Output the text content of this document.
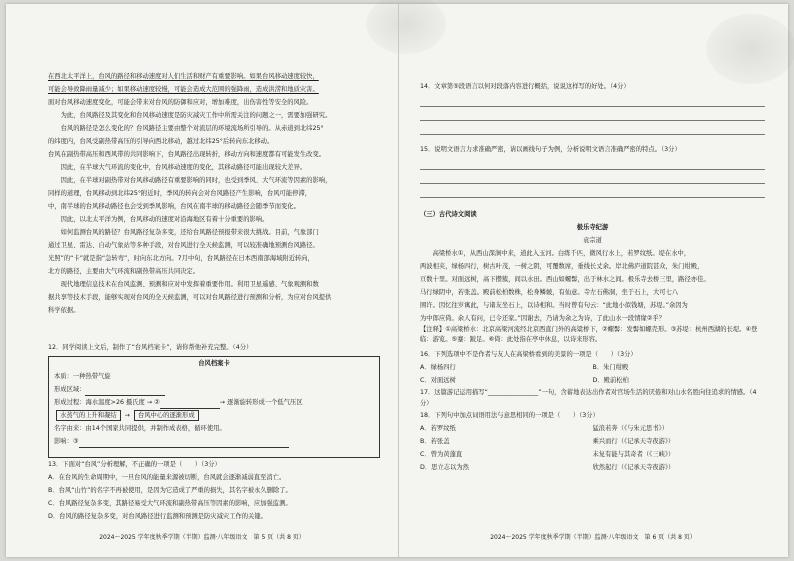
在西北太平洋上，台风的路径和移动速度对人们生活和财产有重要影响。如果台风移动速度较快，
可能会导致降雨量减少；如果移动速度较慢，可能会造成大范围的强降雨，造成洪涝和地质灾害。
面对台风移动速度变化，可能会带来对台风的防御和应对，增加难度，出伤害性等安全的风险。
　　为此，台风路径及其变化和台风移动速度是防灾减灾工作中所需关注的问题之一，需要加强研究。
　　台风的路径是怎么变化的？台风路径主要由整个对流层的环境流场所引导的。从赤道到北纬25°
的纬度内，台风受副热带高压的引导向西北移动，越过北纬25°后转向东北移动。
台风在副热带高压和西风带的共同影响下，台风路径出现转折，移动方向和速度都有可能发生改变。
　　因此，在半球大气环流的变化中，台风移动速度的变化，其移动路径可能出现较大差异。
　　因此，在半球对副热带对台风移动路径有重要影响的同时，也受到季风、大气环流等因素的影响，
同样的道理，台风移动到北纬25°附近时，季风的转向会对台风路径产生影响，台风可能停滞，
中，南半球的台风移动路径也会受到季风影响，台风在南半球的移动路径会随季节而变化。
　　因此，以北太平洋为例，台风移动的速度对沿海地区有着十分重要的影响。
　　如何监测台风的路径？台风路径复杂多变，还给台风路径预报带来很大挑战。目前，气象部门
通过卫星、雷达、自动气象站等多种手段，对台风进行全天候监测，可以较准确地预测台风路径。
光照”的“卡”就是指“急转弯”，时向东北方向。7月中旬，台风路径在日本西南部海域附近转向，
北方的路径，主要由大气环流和副热带高压共同决定。
　　现代地理信息技术在台风监测、预测和应对中发挥着重要作用。利用卫星遥感、气象观测和数
据共享等技术手段，能够实现对台风的全天候监测，可以对台风路径进行预测和分析，为应对台风提供
科学依据。
台风档案卡
本质：一种热带气旋
形成区域：
形成过程：海水温度>26 摄氏度 → ②	→ 逐渐旋转形成一个低气压区
水蒸气的上升和凝结 → 台风中心的逐渐形成
名字由来：由14个国家共同提供，并制作成表格，循环使用。
影响：③
12．同学阅读上文后，制作了“台风档案卡”，请你帮他补充完整。（4分）
13．下面对“台风”分析理解，不正确的一项是（　　）（3分）
A．在台风的生命周期中，一旦台风的能量来源被切断，台风就会逐渐减弱直至消亡。
B．台风“山竹”的名字不再被使用，是因为它造成了严重的损失，其名字被永久删除了。
C．台风路径复杂多变，其路径易受大气环流和副热带高压等因素的影响，应加强监测。
D．台风的路径复杂多变，对台风路径进行监测和预测是防灾减灾工作的关键。
2024～2025 学年度秋季学期（半期）监测·八年级语文　第 5 页（共 8 页）
14．文章第⑤段语言以何对段落内容进行概括，说说这样写的好处。（4分）
15．说明文语言力求准确严密，请以画线句子为例，分析说明文语言准确严密的特点。（3分）
（三）古代诗文阅读
极乐寺纪游
袁宗道
　　高梁桥水①，从西山深涧中来，道此入玉河。白练千匹，微风行水上，若罗纹纸。堤在水中，
两波相夹，绿杨四行，树古叶茂，一树之阴，可覆数席，垂线长丈余。岸北佛庐道院甚众，朱门绀殿，
亘数十里。对面远树，高下攒簇，间以水田。西山如螺髻，出于林水之间。极乐寺去桥三里，路径亦佳。
马行绿阴中，若张盖。殿前松柏数株，松身鳞皴，有仙意。寺左石佛洞，坐于石上，大可七八
围许。因忆往岁寓此，与诸友坐石上，以诗相和。当时曾有句云：“此地小似钱塘，苏堤。”余因为
为中郎应倚。余人有问，已令还家。”因谢去，乃请为余之为诗，了此山水一段情缘②乎？
【注释】①高梁桥水：北京高梁河流经北京西直门外的高粱桥下，②螺髻：发髻如螺壳形。③苏堤：杭州西湖的长堤。④登临：游览。⑤蹇：跛足。⑥倚：此处指在亭中休息，以诗来形容。
16．下列选项中不是作者与友人在高梁桥看到的美景的一项是（　　）（3分）
A．绿杨四行	B．朱门绀殿
C．对面远树	D．殿前松柏
17．这篇游记运用描写“________________”一句，含蓄地表达出作者对官场生活的厌倦和对山水名胜向往追求的情感。（4分）
18．下列句中加点词语用法与意思相同的一项是（　　）（3分）
A．若罗纹纸	猛浪若奔（《与朱元思书》）
B．若张盖	乘兴而行（《记承天寺夜游》）
C．曾为黄蓬直	未复有能与其奇者（《三峡》）
D．思立志以为然	欣然起行（《记承天寺夜游》）
2024～2025 学年度秋季学期（半期）监测·八年级语文　第 6 页（共 8 页）
